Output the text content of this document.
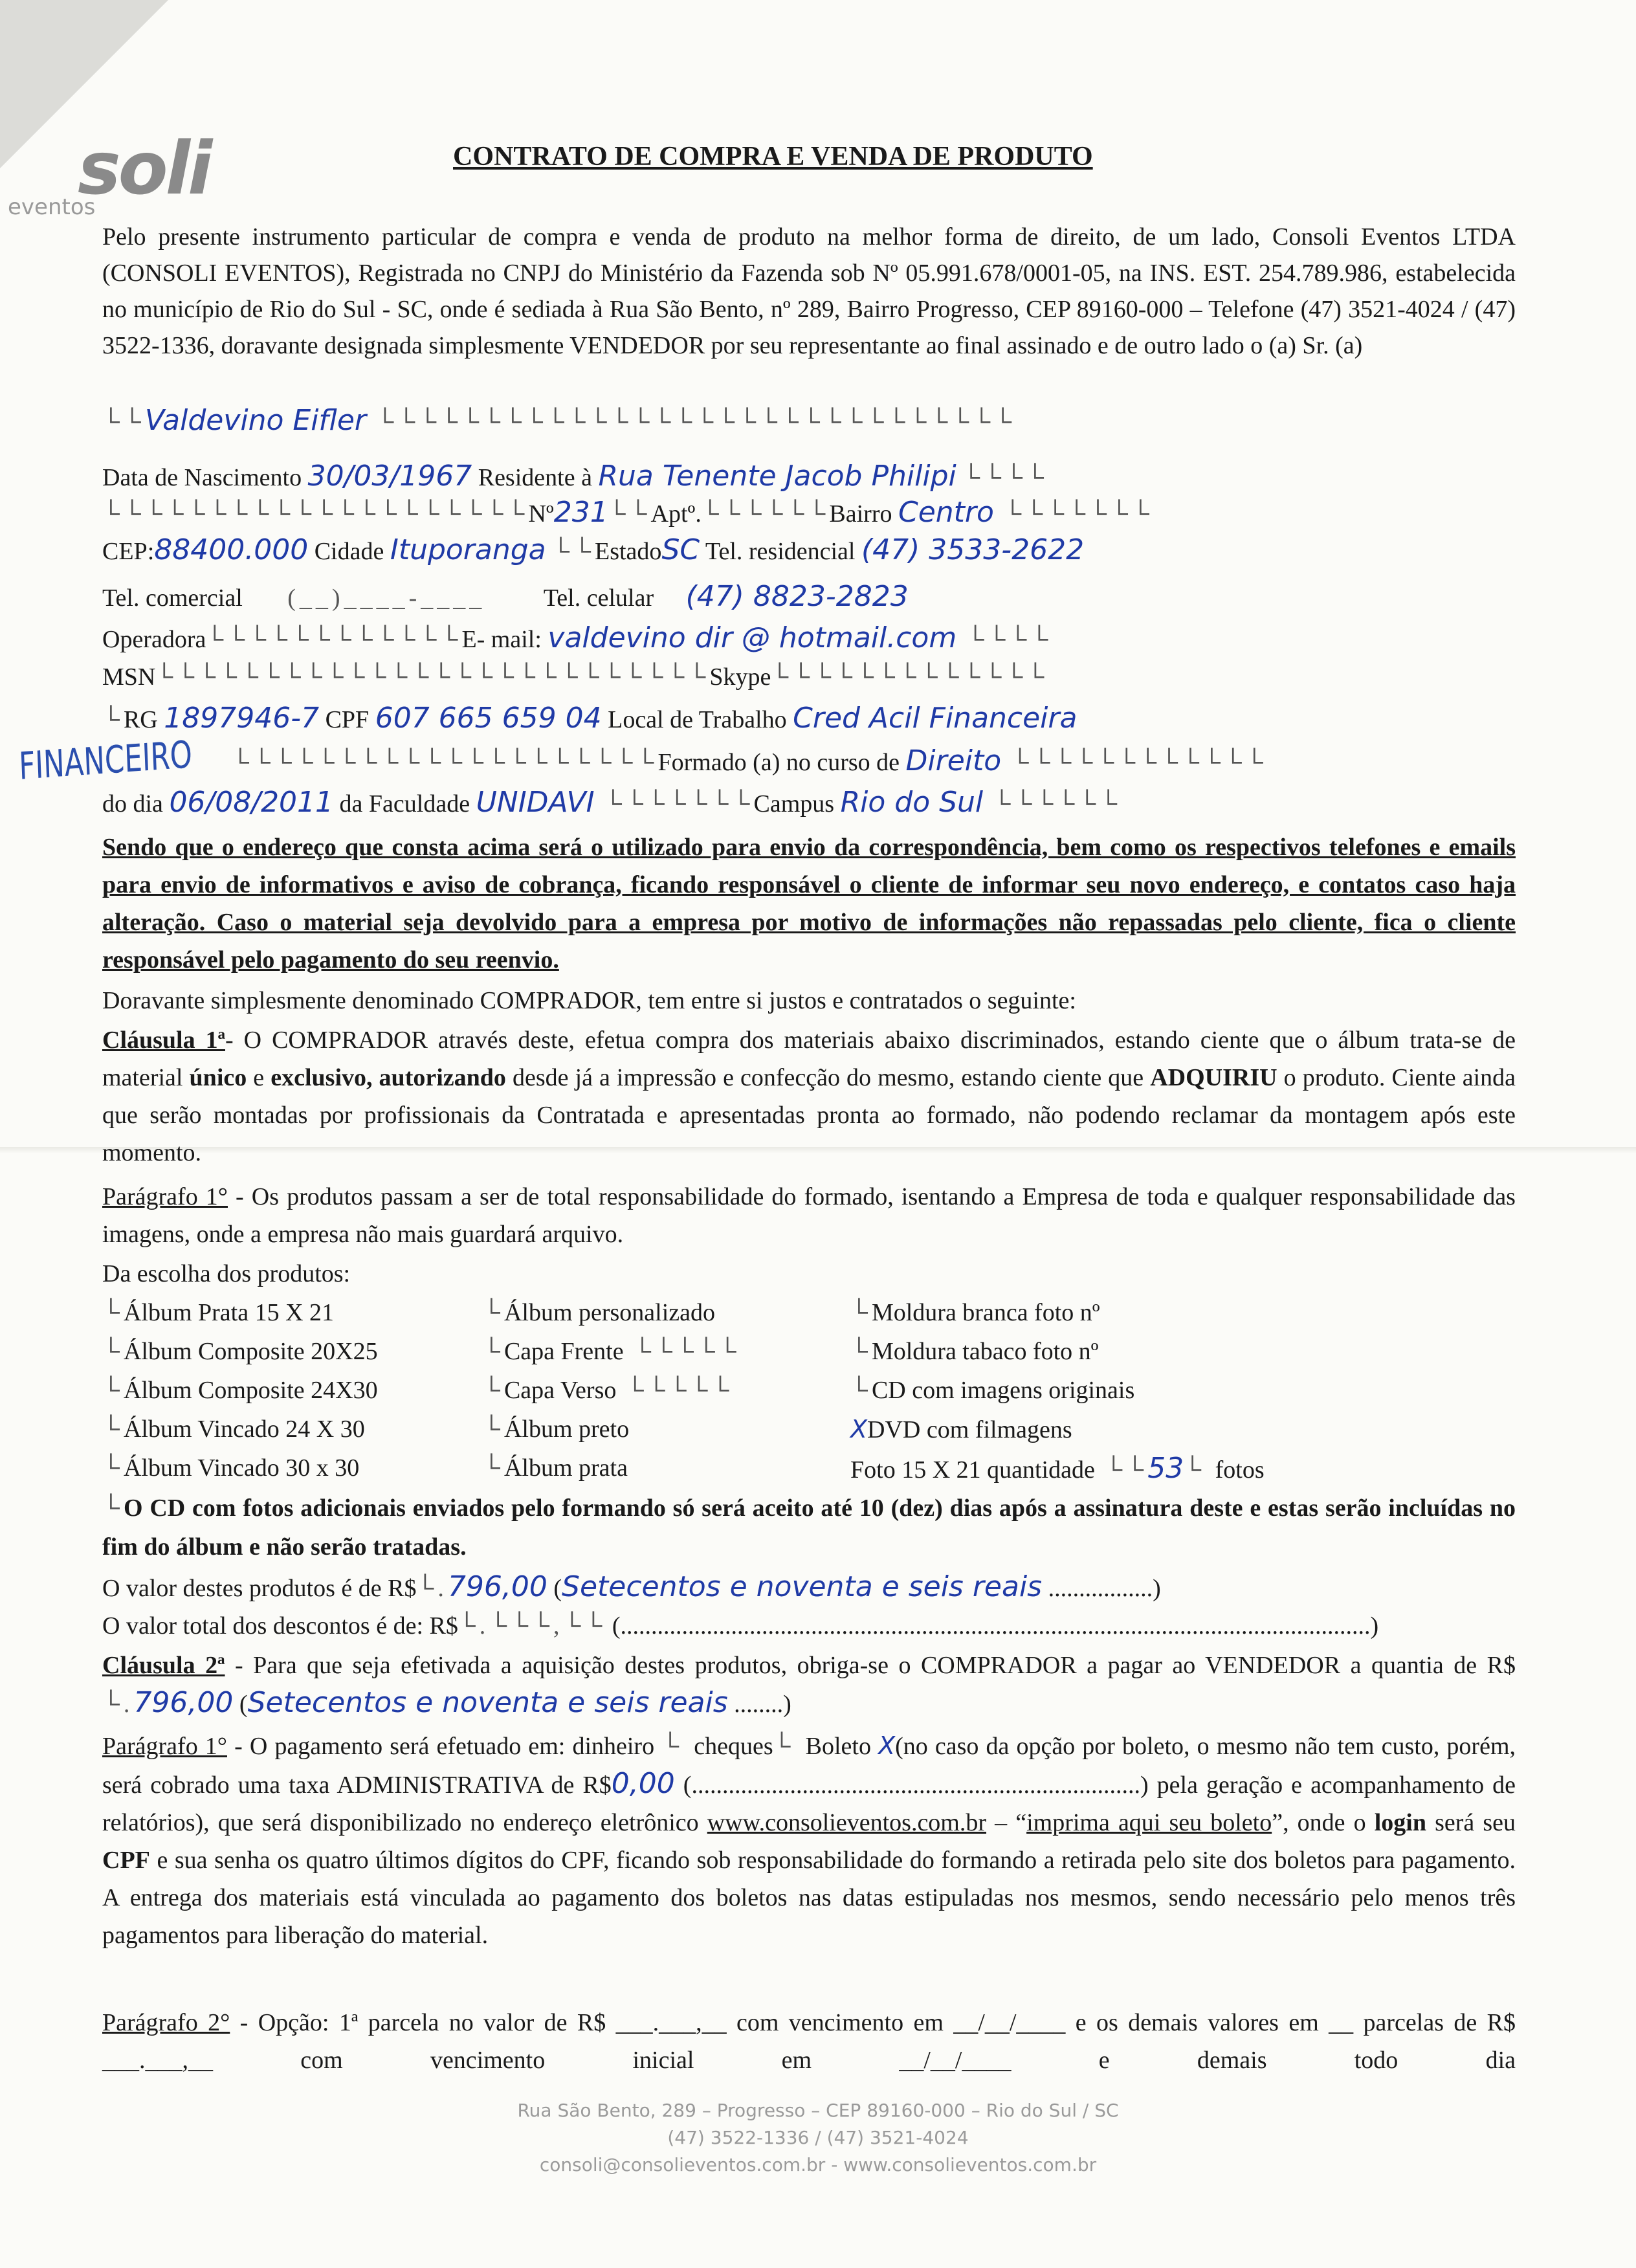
soli
eventos
CONTRATO DE COMPRA E VENDA DE PRODUTO
Pelo presente instrumento particular de compra e venda de produto na melhor forma de direito, de um lado, Consoli Eventos LTDA (CONSOLI EVENTOS), Registrada no CNPJ do Ministério da Fazenda sob Nº 05.991.678/0001-05, na INS. EST. 254.789.986, estabelecida no município de Rio do Sul - SC, onde é sediada à Rua São Bento, nº 289, Bairro Progresso, CEP 89160-000 – Telefone (47) 3521-4024 / (47) 3522-1336, doravante designada simplesmente VENDEDOR por seu representante ao final assinado e de outro lado o (a) Sr. (a)
└└Valdevino Eifler └└└└└└└└└└└└└└└└└└└└└└└└└└└└└└
Data de Nascimento 30/03/1967 Residente à Rua Tenente Jacob Philipi └└└└
└└└└└└└└└└└└└└└└└└└└Nº231└└Aptº.└└└└└└Bairro Centro └└└└└└└
CEP:88400.000 Cidade Ituporanga └└EstadoSC Tel. residencial (47) 3533-2622
Tel. comercial (__)____-____ Tel. celular (47) 8823-2823
Operadora└└└└└└└└└└└└E- mail: valdevino dir @ hotmail.com └└└└
MSN└└└└└└└└└└└└└└└└└└└└└└└└└└Skype└└└└└└└└└└└└└
└RG 1897946-7 CPF 607 665 659 04 Local de Trabalho Cred Acil Financeira
FINANCEIRO	└└└└└└└└└└└└└└└└└└└└Formado (a) no curso de Direito └└└└└└└└└└└└
do dia 06/08/2011 da Faculdade UNIDAVI └└└└└└└Campus Rio do Sul └└└└└└
Sendo que o endereço que consta acima será o utilizado para envio da correspondência, bem como os respectivos telefones e emails para envio de informativos e aviso de cobrança, ficando responsável o cliente de informar seu novo endereço, e contatos caso haja alteração. Caso o material seja devolvido para a empresa por motivo de informações não repassadas pelo cliente, fica o cliente responsável pelo pagamento do seu reenvio.
Doravante simplesmente denominado COMPRADOR, tem entre si justos e contratados o seguinte:
Cláusula 1ª- O COMPRADOR através deste, efetua compra dos materiais abaixo discriminados, estando ciente que o álbum trata-se de material único e exclusivo, autorizando desde já a impressão e confecção do mesmo, estando ciente que ADQUIRIU o produto. Ciente ainda que serão montadas por profissionais da Contratada e apresentadas pronta ao formado, não podendo reclamar da montagem após este momento.
Parágrafo 1° - Os produtos passam a ser de total responsabilidade do formado, isentando a Empresa de toda e qualquer responsabilidade das imagens, onde a empresa não mais guardará arquivo.
Da escolha dos produtos:
└Álbum Prata 15 X 21
└Álbum Composite 20X25
└Álbum Composite 24X30
└Álbum Vincado 24 X 30
└Álbum Vincado 30 x 30
└Álbum personalizado
└Capa Frente └└└└└
└Capa Verso └└└└└
└Álbum preto
└Álbum prata
└Moldura branca foto nº
└Moldura tabaco foto nº
└CD com imagens originais
XDVD com filmagens
Foto 15 X 21 quantidade └└53└ fotos
└O CD com fotos adicionais enviados pelo formando só será aceito até 10 (dez) dias após a assinatura deste e estas serão incluídas no fim do álbum e não serão tratadas.
O valor destes produtos é de R$└.796,00 (Setecentos e noventa e seis reais .................)
O valor total dos descontos é de: R$└.└└└,└└ (..........................................................................................................................)
Cláusula 2ª - Para que seja efetivada a aquisição destes produtos, obriga-se o COMPRADOR a pagar ao VENDEDOR a quantia de R$ └.796,00 (Setecentos e noventa e seis reais ........)
Parágrafo 1° - O pagamento será efetuado em: dinheiro └ cheques└ Boleto X(no caso da opção por boleto, o mesmo não tem custo, porém, será cobrado uma taxa ADMINISTRATIVA de R$0,00 (.........................................................................) pela geração e acompanhamento de relatórios), que será disponibilizado no endereço eletrônico www.consolieventos.com.br – “imprima aqui seu boleto”, onde o login será seu CPF e sua senha os quatro últimos dígitos do CPF, ficando sob responsabilidade do formando a retirada pelo site dos boletos para pagamento. A entrega dos materiais está vinculada ao pagamento dos boletos nas datas estipuladas nos mesmos, sendo necessário pelo menos três pagamentos para liberação do material.
Parágrafo 2° - Opção: 1ª parcela no valor de R$ ___.___,__ com vencimento em __/__/____ e os demais valores em __ parcelas de R$ ___.___,__ com vencimento inicial em __/__/____ e demais todo dia
Rua São Bento, 289 – Progresso – CEP 89160-000 – Rio do Sul / SC
(47) 3522-1336 / (47) 3521-4024
consoli@consolieventos.com.br - www.consolieventos.com.br
